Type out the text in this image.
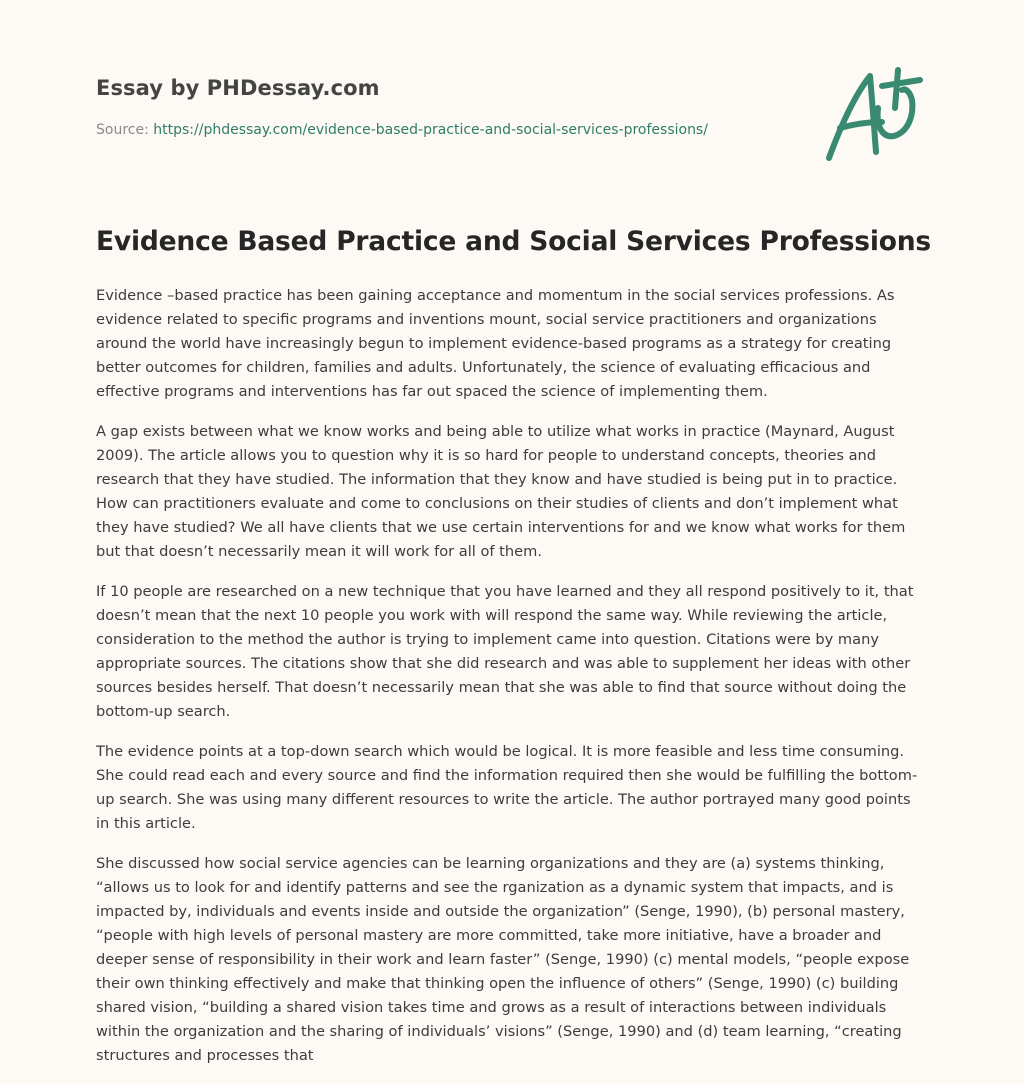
Essay by PHDessay.com
Source: https://phdessay.com/evidence-based-practice-and-social-services-professions/
Evidence Based Practice and Social Services Professions

Evidence –based practice has been gaining acceptance and momentum in the social services professions. As evidence related to specific programs and inventions mount, social service practitioners and organizations around the world have increasingly begun to implement evidence-based programs as a strategy for creating better outcomes for children, families and adults. Unfortunately, the science of evaluating efficacious and effective programs and interventions has far out spaced the science of implementing them.

A gap exists between what we know works and being able to utilize what works in practice (Maynard, August 2009). The article allows you to question why it is so hard for people to understand concepts, theories and research that they have studied. The information that they know and have studied is being put in to practice. How can practitioners evaluate and come to conclusions on their studies of clients and don’t implement what they have studied? We all have clients that we use certain interventions for and we know what works for them but that doesn’t necessarily mean it will work for all of them.

If 10 people are researched on a new technique that you have learned and they all respond positively to it, that doesn’t mean that the next 10 people you work with will respond the same way. While reviewing the article, consideration to the method the author is trying to implement came into question. Citations were by many appropriate sources. The citations show that she did research and was able to supplement her ideas with other sources besides herself. That doesn’t necessarily mean that she was able to find that source without doing the bottom-up search.

The evidence points at a top-down search which would be logical. It is more feasible and less time consuming. She could read each and every source and find the information required then she would be fulfilling the bottom-up search. She was using many different resources to write the article. The author portrayed many good points in this article.

She discussed how social service agencies can be learning organizations and they are (a) systems thinking, “allows us to look for and identify patterns and see the rganization as a dynamic system that impacts, and is impacted by, individuals and events inside and outside the organization” (Senge, 1990), (b) personal mastery, “people with high levels of personal mastery are more committed, take more initiative, have a broader and deeper sense of responsibility in their work and learn faster” (Senge, 1990) (c) mental models, “people expose their own thinking effectively and make that thinking open the influence of others” (Senge, 1990) (c) building shared vision, “building a shared vision takes time and grows as a result of interactions between individuals within the organization and the sharing of individuals’ visions” (Senge, 1990) and (d) team learning, “creating structures and processes that
